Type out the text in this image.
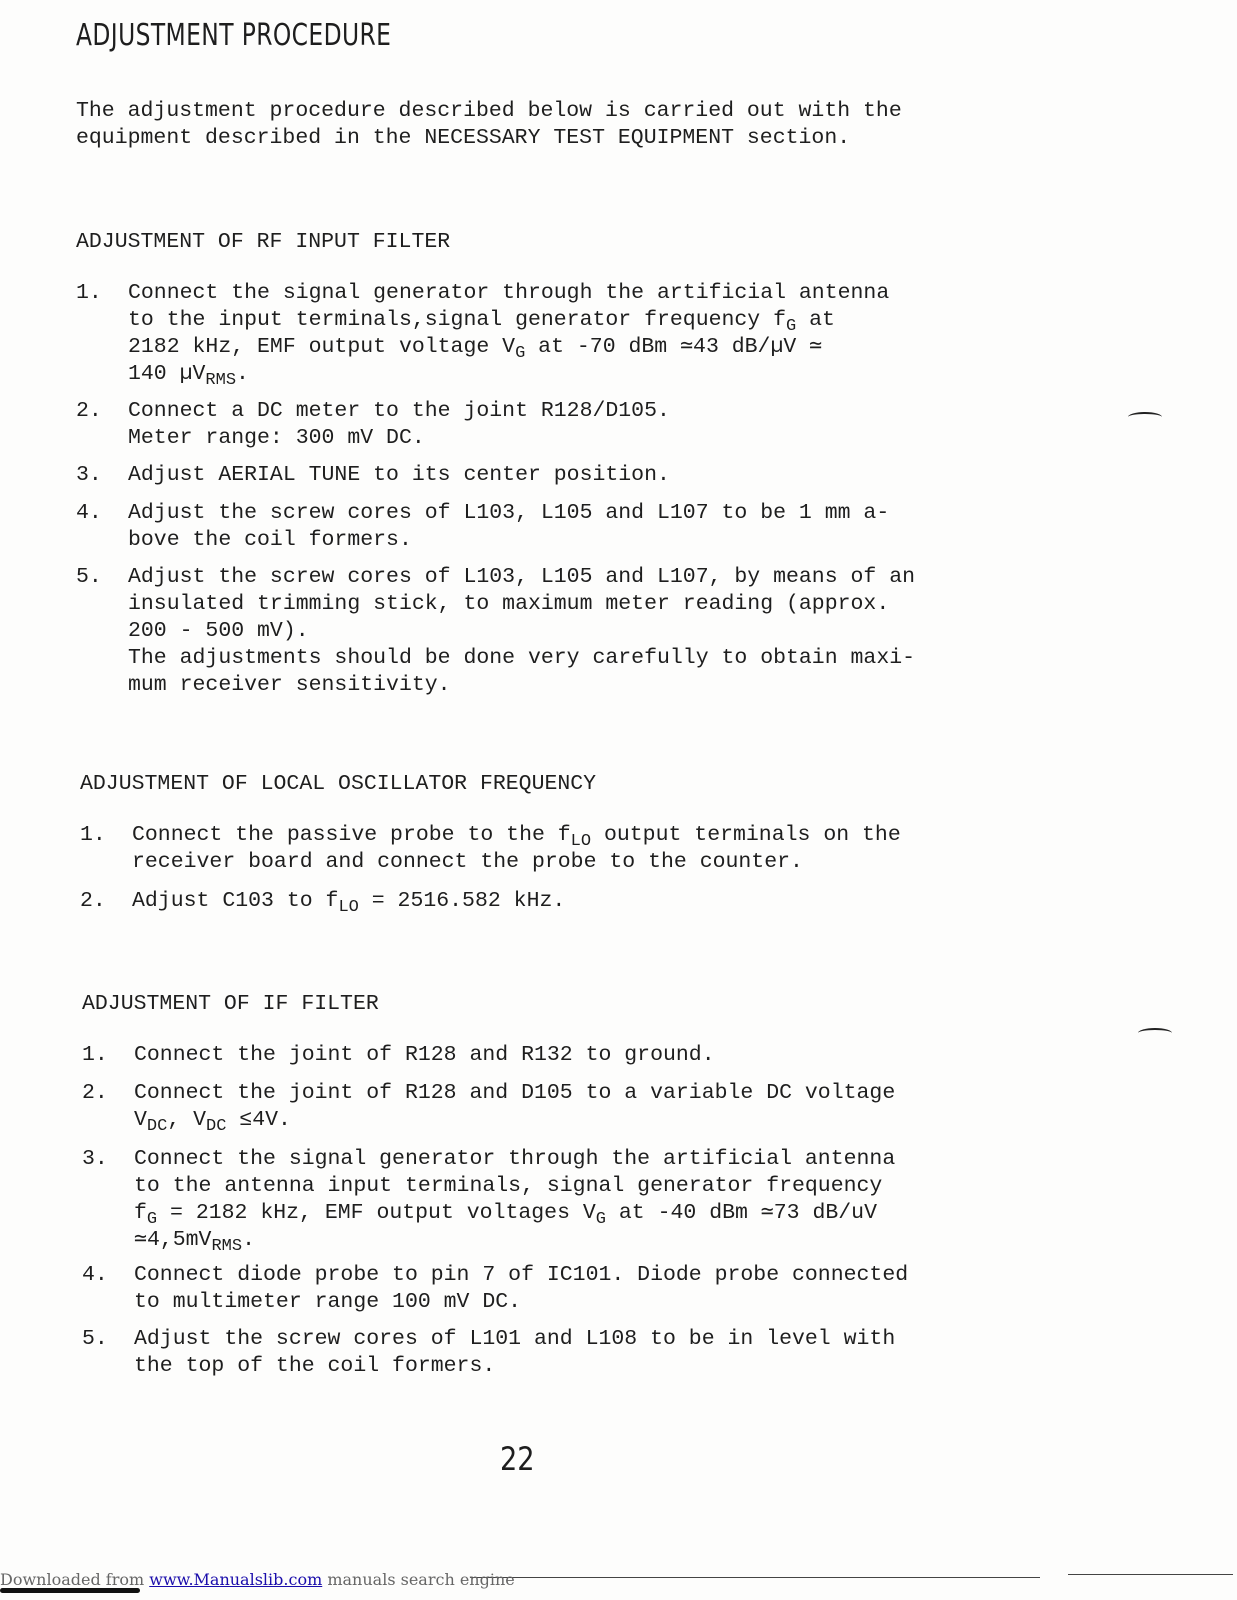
ADJUSTMENT PROCEDURE
The adjustment procedure described below is carried out with the
equipment described in the NECESSARY TEST EQUIPMENT section.
ADJUSTMENT OF RF INPUT FILTER
1. Connect the signal generator through the artificial antenna
to the input terminals,signal generator frequency $f_G$ at
2182 kHz, EMF output voltage $V_G$ at -70 dBm ≃43 dB/µV ≃
140 µV$_{RMS}$.
2. Connect a DC meter to the joint R128/D105.
Meter range: 300 mV DC.
3. Adjust AERIAL TUNE to its center position.
4. Adjust the screw cores of L103, L105 and L107 to be 1 mm a-
bove the coil formers.
5. Adjust the screw cores of L103, L105 and L107, by means of an
insulated trimming stick, to maximum meter reading (approx.
200 - 500 mV).
The adjustments should be done very carefully to obtain maxi-
mum receiver sensitivity.
ADJUSTMENT OF LOCAL OSCILLATOR FREQUENCY
1. Connect the passive probe to the $f_{LO}$ output terminals on the
receiver board and connect the probe to the counter.
2. Adjust C103 to $f_{LO} = 2516.582$ kHz.
ADJUSTMENT OF IF FILTER
1. Connect the joint of R128 and R132 to ground.
2. Connect the joint of R128 and D105 to a variable DC voltage
$V_{DC}$, $V_{DC} \le 4V$.
3. Connect the signal generator through the artificial antenna
to the antenna input terminals, signal generator frequency
$f_G = 2182$ kHz, EMF output voltages $V_G$ at -40 dBm ≃73 dB/uV
$≃4,5mV_{RMS}$.
4. Connect diode probe to pin 7 of IC101. Diode probe connected
to multimeter range 100 mV DC.
5. Adjust the screw cores of L101 and L108 to be in level with
the top of the coil formers.
22
Downloaded from www.Manualslib.com manuals search engine
